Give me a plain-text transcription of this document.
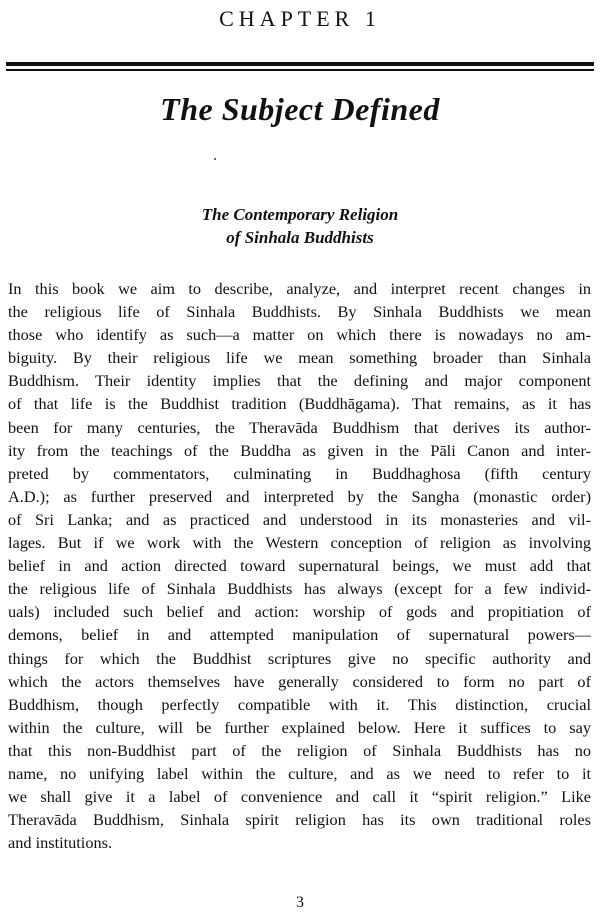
CHAPTER 1
The Subject Defined
The Contemporary Religion
of Sinhala Buddhists
In this book we aim to describe, analyze, and interpret recent changes in
the religious life of Sinhala Buddhists. By Sinhala Buddhists we mean
those who identify as such—a matter on which there is nowadays no am-
biguity. By their religious life we mean something broader than Sinhala
Buddhism. Their identity implies that the defining and major component
of that life is the Buddhist tradition (Buddhāgama). That remains, as it has
been for many centuries, the Theravāda Buddhism that derives its author-
ity from the teachings of the Buddha as given in the Pāli Canon and inter-
preted by commentators, culminating in Buddhaghosa (fifth century
A.D.); as further preserved and interpreted by the Sangha (monastic order)
of Sri Lanka; and as practiced and understood in its monasteries and vil-
lages. But if we work with the Western conception of religion as involving
belief in and action directed toward supernatural beings, we must add that
the religious life of Sinhala Buddhists has always (except for a few individ-
uals) included such belief and action: worship of gods and propitiation of
demons, belief in and attempted manipulation of supernatural powers—
things for which the Buddhist scriptures give no specific authority and
which the actors themselves have generally considered to form no part of
Buddhism, though perfectly compatible with it. This distinction, crucial
within the culture, will be further explained below. Here it suffices to say
that this non-Buddhist part of the religion of Sinhala Buddhists has no
name, no unifying label within the culture, and as we need to refer to it
we shall give it a label of convenience and call it “spirit religion.” Like
Theravāda Buddhism, Sinhala spirit religion has its own traditional roles
and institutions.
3
